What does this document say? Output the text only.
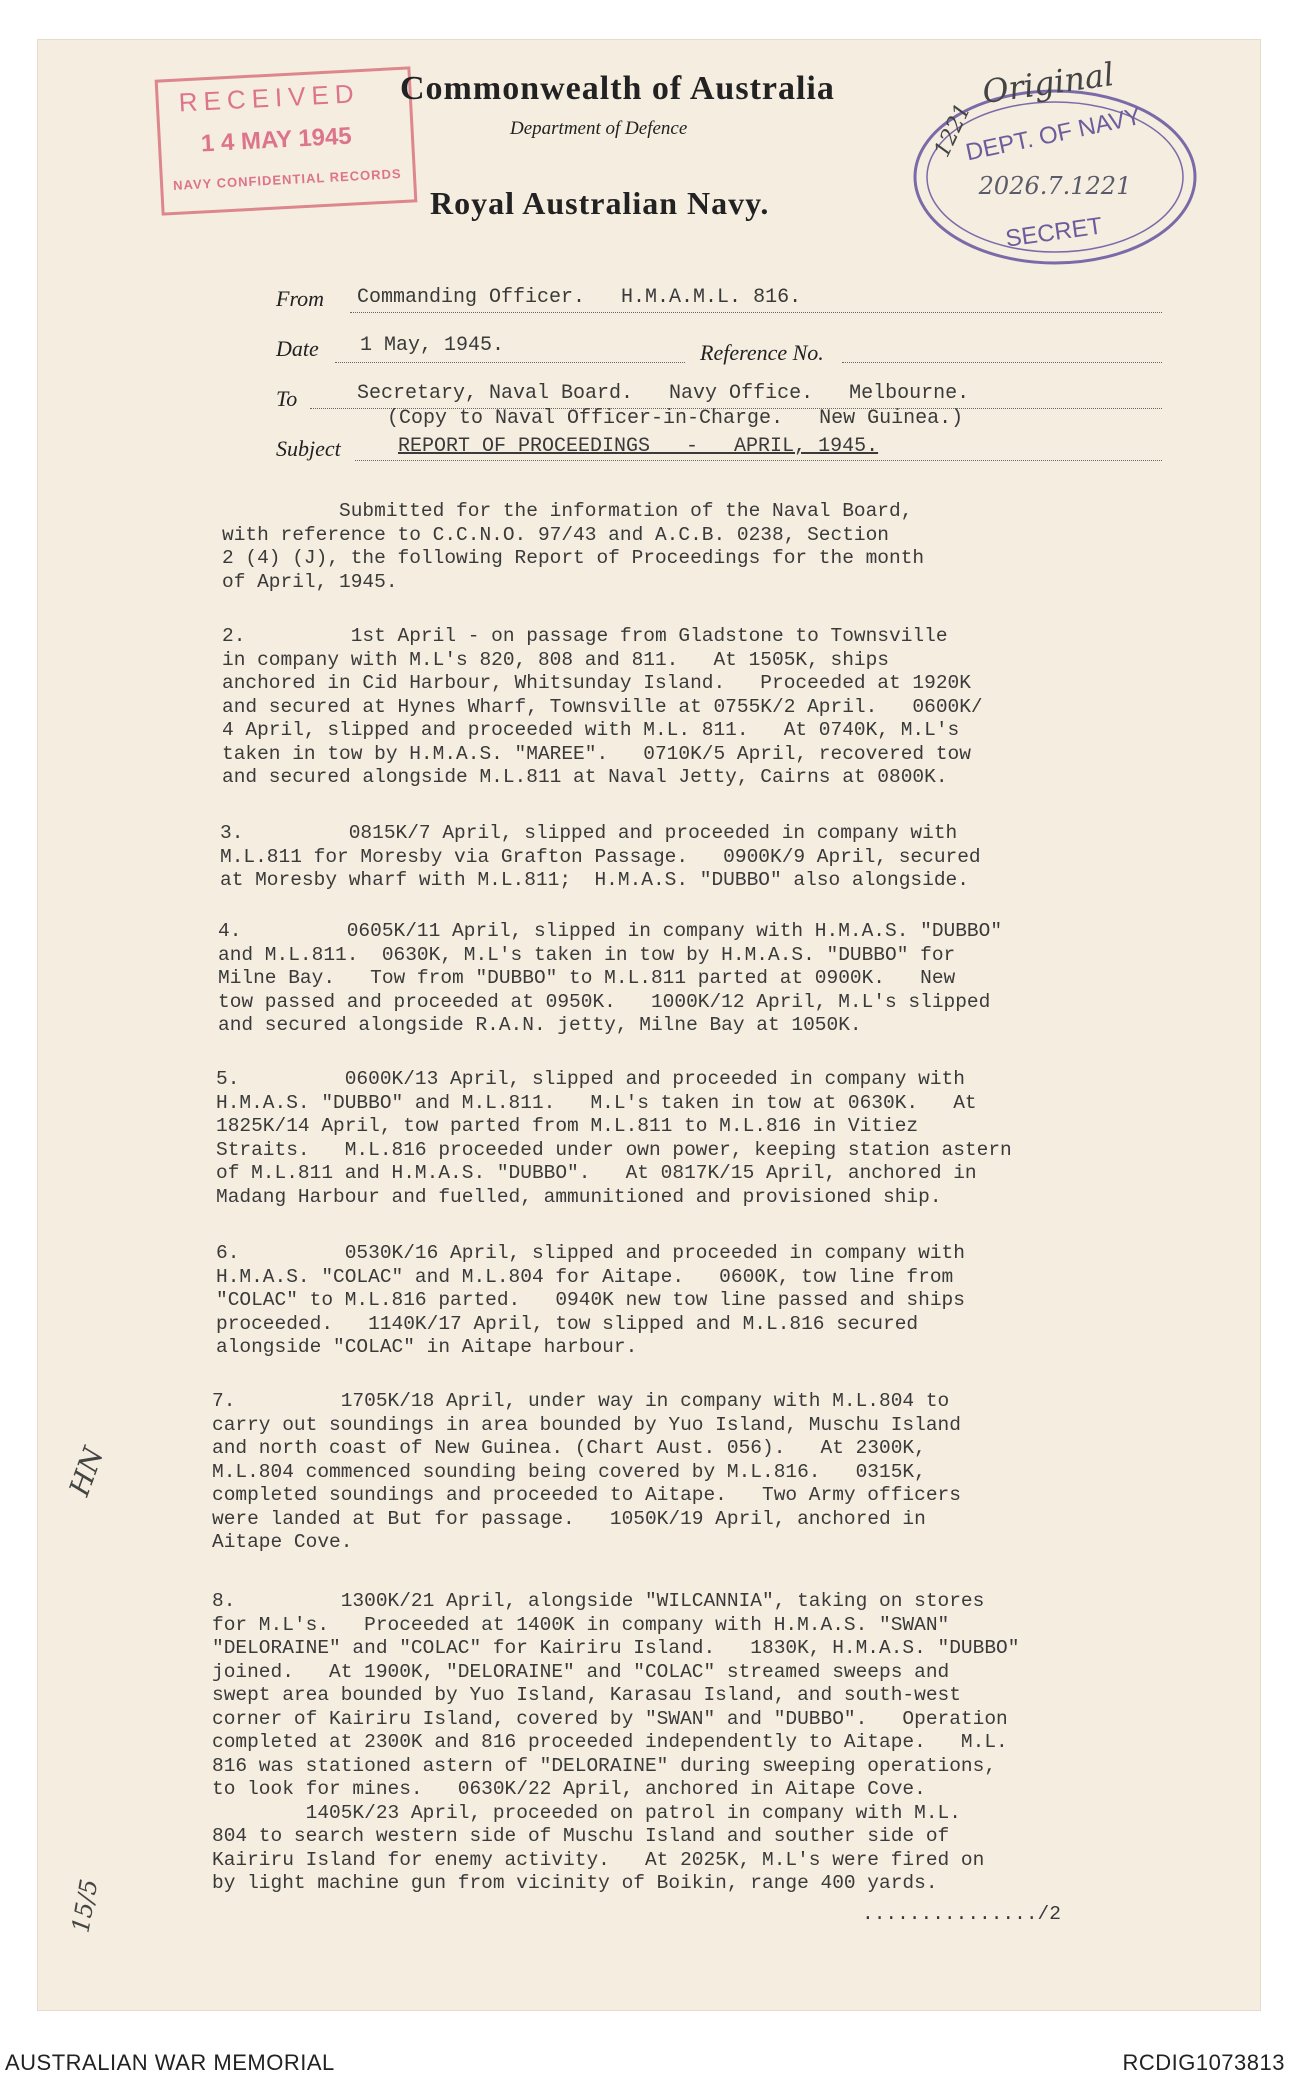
RECEIVED
1 4 MAY 1945
NAVY CONFIDENTIAL RECORDS
DEPT. OF NAVY
2026.7.1221
SECRET
Original
1221
Commonwealth of Australia
Department of Defence
Royal Australian Navy.
From Commanding Officer.   H.M.A.M.L. 816.
Date 1 May, 1945.	Reference No.
To	Secretary, Naval Board.   Navy Office.   Melbourne.
(Copy to Naval Officer-in-Charge.   New Guinea.)
Subject	REPORT OF PROCEEDINGS   -   APRIL, 1945.
Submitted for the information of the Naval Board,
with reference to C.C.N.O. 97/43 and A.C.B. 0238, Section
2 (4) (J), the following Report of Proceedings for the month
of April, 1945.
2.         1st April - on passage from Gladstone to Townsville
in company with M.L's 820, 808 and 811.   At 1505K, ships
anchored in Cid Harbour, Whitsunday Island.   Proceeded at 1920K
and secured at Hynes Wharf, Townsville at 0755K/2 April.   0600K/
4 April, slipped and proceeded with M.L. 811.   At 0740K, M.L's
taken in tow by H.M.A.S. "MAREE".   0710K/5 April, recovered tow
and secured alongside M.L.811 at Naval Jetty, Cairns at 0800K.
3.         0815K/7 April, slipped and proceeded in company with
M.L.811 for Moresby via Grafton Passage.   0900K/9 April, secured
at Moresby wharf with M.L.811;  H.M.A.S. "DUBBO" also alongside.
4.         0605K/11 April, slipped in company with H.M.A.S. "DUBBO"
and M.L.811.  0630K, M.L's taken in tow by H.M.A.S. "DUBBO" for
Milne Bay.   Tow from "DUBBO" to M.L.811 parted at 0900K.   New
tow passed and proceeded at 0950K.   1000K/12 April, M.L's slipped
and secured alongside R.A.N. jetty, Milne Bay at 1050K.
5.         0600K/13 April, slipped and proceeded in company with
H.M.A.S. "DUBBO" and M.L.811.   M.L's taken in tow at 0630K.   At
1825K/14 April, tow parted from M.L.811 to M.L.816 in Vitiez
Straits.   M.L.816 proceeded under own power, keeping station astern
of M.L.811 and H.M.A.S. "DUBBO".   At 0817K/15 April, anchored in
Madang Harbour and fuelled, ammunitioned and provisioned ship.
6.         0530K/16 April, slipped and proceeded in company with
H.M.A.S. "COLAC" and M.L.804 for Aitape.   0600K, tow line from
"COLAC" to M.L.816 parted.   0940K new tow line passed and ships
proceeded.   1140K/17 April, tow slipped and M.L.816 secured
alongside "COLAC" in Aitape harbour.
7.         1705K/18 April, under way in company with M.L.804 to
carry out soundings in area bounded by Yuo Island, Muschu Island
and north coast of New Guinea. (Chart Aust. 056).   At 2300K,
M.L.804 commenced sounding being covered by M.L.816.   0315K,
completed soundings and proceeded to Aitape.   Two Army officers
were landed at But for passage.   1050K/19 April, anchored in
Aitape Cove.
8.         1300K/21 April, alongside "WILCANNIA", taking on stores
for M.L's.   Proceeded at 1400K in company with H.M.A.S. "SWAN"
"DELORAINE" and "COLAC" for Kairiru Island.   1830K, H.M.A.S. "DUBBO"
joined.   At 1900K, "DELORAINE" and "COLAC" streamed sweeps and
swept area bounded by Yuo Island, Karasau Island, and south-west
corner of Kairiru Island, covered by "SWAN" and "DUBBO".   Operation
completed at 2300K and 816 proceeded independently to Aitape.   M.L.
816 was stationed astern of "DELORAINE" during sweeping operations,
to look for mines.   0630K/22 April, anchored in Aitape Cove.
1405K/23 April, proceeded on patrol in company with M.L.
804 to search western side of Muschu Island and souther side of
Kairiru Island for enemy activity.   At 2025K, M.L's were fired on
by light machine gun from vicinity of Boikin, range 400 yards.
.............../2
HN
15/5
AUSTRALIAN WAR MEMORIAL	RCDIG1073813
